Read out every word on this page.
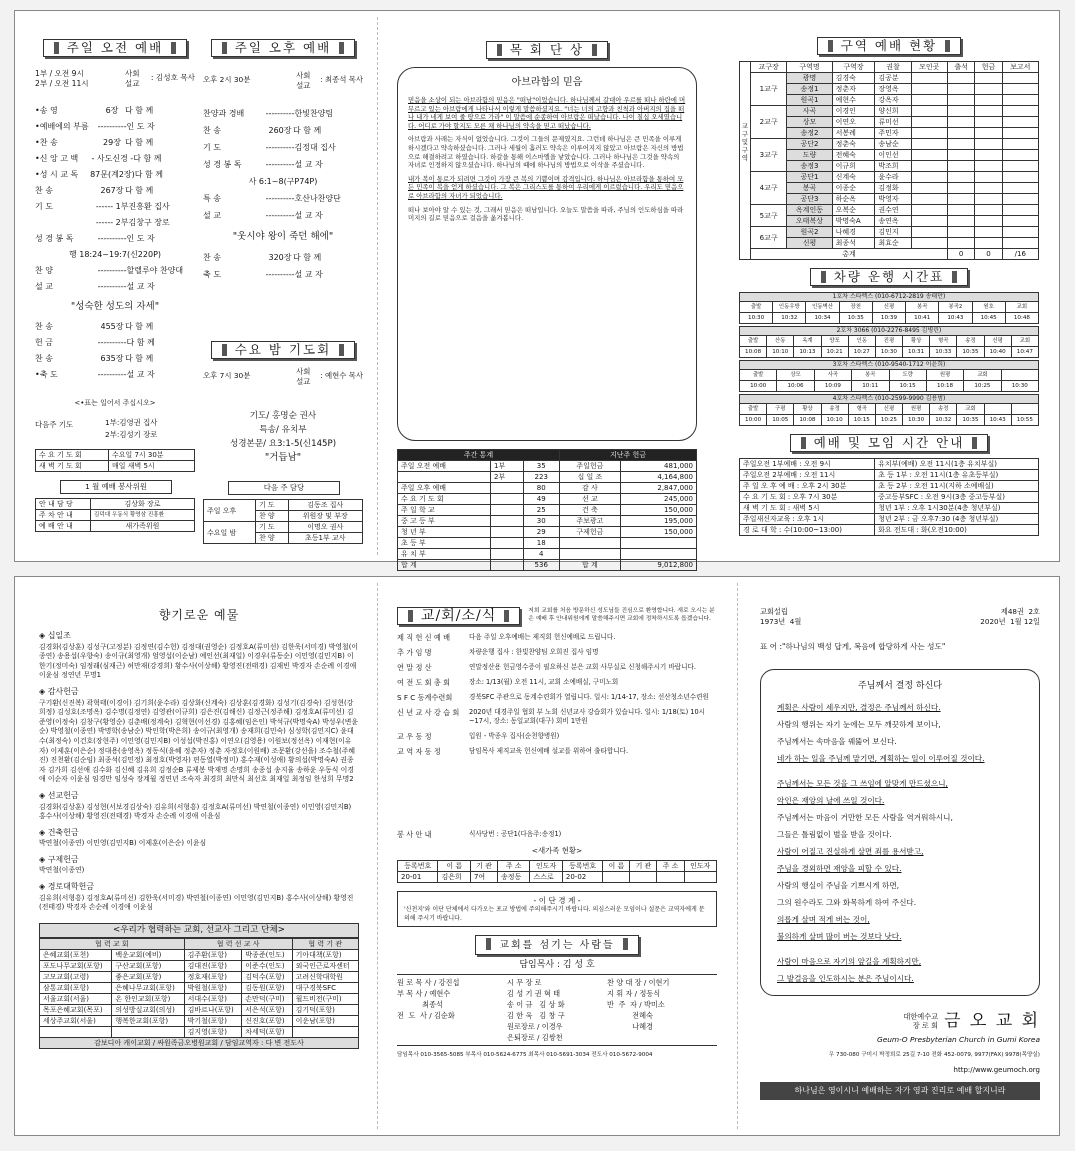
주일 오전 예배
1부 / 오전 9시
2부 / 오전 11시
사회
설교
: 김성호 목사
•송 영	6장 다 함 께
•예배에의 부름	---------- 인 도 자
•찬 송	29장 다 함 께
•신 앙 고 백	- 사도신경 - 다 함 께
•성 시 교 독	87문(계2장) 다 함 께
찬 송	267장 다 함 께
기 도	------ 1부 진흥환 집사
------ 2부 김창구 장로
성 경 봉 독	---------- 인 도 자
행 18:24~19:7(신220P)
찬 양	---------- 할렐루야 찬양대
설 교	---------- 설 교 자
"성숙한 성도의 자세"
찬 송	455장 다 함 께
헌 금	---------- 다 함 께
찬 송	635장 다 함 께
•축 도	---------- 설 교 자
<•표는 일어서 주십시오>
다음주 기도	1부:김영권 집사
2부:김성기 장로
수 요 기 도 회	수요일 7시 30분
새 벽 기 도 회	매일 새벽 5시
1 월 예배 봉사위원
안 내 담 당	김상화 장로
주 차 안 내	김덕대 우동식 황영삼 진흥환
예 배 안 내	새가족위원
주일 오후 예배
오후 2시 30분	사회
설교
: 최종석 목사
찬양과 경배	---------- 한빛찬양팀
찬 송	260장 다 함 께
기 도	---------- 김정대 집사
성 경 봉 독	---------- 설 교 자
사 6:1~8(구P74P)
특 송	---------- 호산나찬양단
설 교	---------- 설 교 자
"웃시야 왕이 죽던 해에"
찬 송	320장 다 함 께
축 도	---------- 설 교 자
수요 밤 기도회
오후 7시 30분	사회
설교
: 예현수 목사
기도/ 홍명순 권사
특송/ 유치부
성경본문/ 요3:1-5(신145P)
"거듭남"
다음 주 담당
주일 오후	기 도	김동조 집사
	찬 양	위원장 및 부장
수요일 밤	기 도	이명오 권사
	찬 양	초등1부 교사
목 회 단 상
아브라함의 믿음

믿음을 소상이 되는 아브라함의 믿음은 "떠남"이었습니다. 하나님께서 갈대아 우르를 떠나 하란에 머무르고 있는 아브람에게 나타나서 이렇게 말씀하셨지요. "너는 너의 고향과 친척과 아버지의 집을 떠나 내가 네게 보여 줄 땅으로 가라" 이 말씀에 순종하여 아브람은 떠났습니다. 나이 칠십 오세였습니다. 어디로 가야 할지도 모른 채 하나님의 약속을 믿고 떠났습니다.

아브람과 사래는 자식이 없었습니다. 그것이 그들의 문제였지요. 그런데 하나님은 큰 민족을 이루게 하시겠다고 약속하셨습니다. 그러나 세월이 흘러도 약속은 이루어지지 않았고 아브람은 자신의 방법으로 해결하려고 하였습니다. 하갈을 통해 이스마엘을 낳았습니다. 그러나 하나님은 그것을 약속의 자녀로 인정하지 않으셨습니다. 하나님의 때에 하나님의 방법으로 이삭을 주셨습니다.

내가 복이 통로가 되려면 그것이 가장 큰 복의 기쁨이며 감격입니다. 하나님은 아브라함을 통하여 모든 민족이 복을 얻게 하셨습니다. 그 복은 그리스도를 통하여 우리에게 이르렀습니다. 우리도 믿음으로 아브라함의 자녀가 되었습니다.

떠나 보아야 알 수 있는 것, 그래서 믿음은 떠남입니다. 오늘도 말씀을 따라, 주님의 인도하심을 따라 미지의 길로 믿음으로 걸음을 옮겨봅니다.

주간 통계			지난주 헌금	
주일 오전 예배	1부	35	주일헌금	481,000
	2부	223	십 일 조	4,164,800
주일 오후 예배		80	감 사	2,847,000
수 요 기 도 회		49	선 교	245,000
주 일 학 교		25	건 축	150,000
중 고 등 부		30	주보광고	195,000
청 년 부		29	구제헌금	150,000
초 등 부		18		
유 치 부		4		
합 계		536	합 계	9,012,800
구역 예배 현황
교구및구역
교구장	구역명	구역장	권찰	모인곳	출석	헌금	보고서
1교구	광명	김경숙	김공분				
	송정1	정춘자	장영옥				
	원곡1	예현수	강옥자				
2교구	사곡	이경인	양신희				
	상모	이연오	류미선				
	송정2	서봉례	주민자				
3교구	공단2	정춘숙	송남순				
	도량	전혜숙	이인선				
	송정3	이규희	박조희				
4교구	공단1	신계숙	윤수라				
	봉곡	이종순	김정화				
	공단3	하순옥	박영자				
5교구	옥계인동	오복순	권수연				
	오태복상	박명숙A	송연옥				
6교구	원곡2	나혜경	김민지				
	신평	최종석	최효순				
총계					0	0	/16
차량 운행 시간표
1호차 스타렉스 (010-6712-2819 송태만)								
출발	인동우방	인동벽산	장천	신평	봉곡	봉곡2	원호	교회
10:30	10:32	10:34	10:35	10:39	10:41	10:43	10:45	10:48
2호차 3066 (010-2276-8495 김병린)										
출발	산동	옥계	양포	인동	진평	황상	형곡	송정	신평	교회
10:08	10:10	10:13	10:21	10:27	10:30	10:31	10:33	10:35	10:40	10:47
3호차 스타렉스 (010-9540-1712 이윤희)							
출발	상모	사곡	봉곡	도량	원평	교회	
10:00	10:06	10:09	10:11	10:15	10:18	10:25	10:30
4호차 스타렉스 (010-2599-9990 김용범)										
출발	구평	황상	송정	형곡	신평	원평	송정	교회		
10:00	10:05	10:08	10:10	10:15	10:25	10:30	10:32	10:35	10:43	10:55
예배 및 모임 시간 안내
주일오전 1부예배 : 오전 9시	유치부(예배) 오전 11시(1층 유치부실)
주일오전 2부예배 : 오전 11시	초 등 1부 : 오전 11시(1층 유초등부실)
주 일 오 후 예 배 : 오후 2시 30분	초 등 2부 : 오전 11시(지하 소예배실)
수 요 기 도 회 : 오후 7시 30분	중고등부SFC : 오전 9시(3층 중고등부실)
새 벽 기 도 회 : 새벽 5시	청년 1부 : 오후 1시30분(4층 청년부실)
주일새신자교육 : 오후 1시	청년 2부 : 금 오후7:30 (4층 청년부실)
경 로 대 학 : 수(10:00~13:00)	화요 전도대 : 화(오전10:00)
향기로운 예물
◈ 십일조
김경화(김상훈) 김성구(고정분) 김정연(김수헌) 김정대(권영순) 김정호A(류미선) 김한욱(서미경) 박영철(이종연) 송용섭(우향숙) 송이규(최영개) 엄영섭(이순남) 예인선(최재일) 이경우(류동순) 이민영(김민지B) 이한기(정미숙) 임정래(심재근) 허만재(강경희) 황수사(이상해) 황영진(전태경) 김재빈 박경자 손순례 이경애 이윤심 정연년 무명1
◈ 감사헌금
구기환(신진복) 곽혁태(이경이) 김기희(윤수라) 김상화(신계숙) 김상훈(김경화) 김성기(김경숙) 김성현(강희정) 김성호(조명옥) 김수명(김정연) 김영관(이규희) 김은진(김해신) 김정근(정주해) 김정호A(류미선) 김준영(이정숙) 김창구(황영순) 김춘배(정계숙) 김혁현(이선경) 김홍혜(임은인) 박석규(박명숙A) 박성우(변윤순) 박영철(이종연) 박명학(송남순) 박인학(박은희) 송이규(최영개) 송재희(김민숙) 심성학(김민지C) 윤대수(최정숙) 이건호(장현주) 이민영(김민지B) 이성섭(박진홍) 이연오(김영용) 이원보(정선옥) 이재현(이유자) 이제훈(이은순) 정대용(송영옥) 정동식(윤혜 정춘자) 정춘 자정호(이원배) 조문환(강선을) 조수철(주혜진) 진천환(김순임) 최종석(김민정) 최정호(박영자) 편동열(박정미) 홍수재(이성애) 황의섭(박명숙A) 권종자 김가희 김선애 김수화 김신혜 김유희 김정순B 류제봉 박재명 손명희 송종섭 송지율 송하윤 우동식 이경애 이순자 이윤심 임경만 임성숙 장계월 정연년 조숙자 최경희 최만식 최선호 최재일 최정임 한성희 무명2
◈ 선교헌금
김경화(김상훈) 김성현(서보경김상숙) 김유희(서형흥) 김정호A(류미선) 박연철(이종연) 이민영(김민지B) 홍수사(이상해) 황영진(전태경) 박경자 손순례 이경애 이윤심
◈ 건축헌금
박연철(이종연) 이민영(김민지B) 이제훈(이은순) 이윤심
◈ 구제헌금
박연철(이종연)
◈ 경로대학헌금
김유희(서형흥) 김정호A(류미선) 김한욱(서미경) 박연철(이종연) 이민영(김민지B) 홍수사(이상해) 황영진(전태경) 박경자 손순례 이경애 이윤심
<우리가 협력하는 교회, 선교사 그리고 단체>
협 력 교 회		협 력 선 교 사		협 력 기 관
은혜교회(포천)	백운교회(예비)	김주환(포항)	박종준(인도)	기아대책(포항)
포도나무교회(포항)	구산교회(포항)	김대진(포항)	이준수(인도)	외국인근로자센터
고모교회(고령)	좋은교회(포항)	정호재(포항)	김덕수(포항)	고려신학대학원
삼통교회(포항)	은혜나무교회(포항)	박원철(포항)	김동원(포항)	대구경북SFC
서울교회(서울)	온 한인교회(포항)	서대수(포항)	손만덕(구미)	월드비전(구미)
목포은혜교회(목포)	의성방실교회(의성)	김바르나(포항)	서은석(포항)	김기덕(포항)
세상주교회(서울)	행복한교회(포항)	박기철(포항)	신진호(포항)	이운남(포항)
		김지영(포항)	차세덕(포항)	
감보디아 캐이교회 / 싸원족금오병원교회 / 담임교역자 : 다 변 전도사				
교/회/소/식	저희 교회를 처음 방문하신 성도님들 진심으로 환영합니다. 새로 오시는 분은 예배 후 안내위원에게 말씀해주시면 교회에 정착하시도록 돕겠습니다.
제 직 헌 신 예 배	다음 주일 오후예배는 제직회 헌신예배로 드립니다.
추 가 임 명	차량운행 집사 : 한빛찬양팀 오희진 집사 임명
연 말 정 산	연말정산용 헌금영수증이 필요하신 분은 교회 사무실로 신청해주시기 바랍니다.
여 전 도 회 총 회	장소: 1/13(월) 오전 11시, 교회 소예배실, 구미노회
S F C 동계수련회	경북SFC 주관으로 동계수련회가 열립니다. 일시: 1/14-17, 장소: 선산청소년수련원
신 년 교 사 강 습 회	2020년 대경주일 협회 부 노회 신년교사 강습회가 있습니다. 일시: 1/18(토) 10시~17시, 장소: 동일교회(대구) 회비 1만원
교 우 동 정	입원 - 박종우 집사(순천향병원)
교 역 자 동 정	담임목사 제직교육 헌신예배 설교를 위하여 출타합니다.
봉 사 안 내	식사당번 : 공단1(다음주:송정1)
<새가족 현황>
등록번호	이 름	기 관	주 소	인도자	등록번호	이 름	기 관	주 소	인도자
20-01	김은희	7여	송정동	스스로	20-02				
- 이 단 경 계 -
'신천지'와 이단 단체에서 다가오는 포교 방법에 주의해주시기 바랍니다. 의심스러운 모임이나 설문은 교역자에게 문의해 주시기 바랍니다.
교회를 섬기는 사람들
담임목사 : 김 성 호
원 로 목 사 / 강진섭	시 무 장 로	찬 양 대 장 / 이현기
부 목 사 / 예현수	김 성 기 권 혁 태	지 휘 자 / 정동식
최종석	송 이 규   김 상 화	반  주  자 / 박미소
전  도  사 / 김순화	김 한 욱   김 창 구	전혜숙
원로장로 / 이경우	나혜경
은퇴장로 / 김쌍천
담임목사 010-3565-5085 부목사 010-5624-6775 최목사 010-5691-3034 전도사 010-5672-9004
교회설립
1973년  4월
제48권  2호
2020년  1월 12일
표 어 :"하나님의 백성 답게, 복음에 합당하게 사는 성도"
주님께서 결정 하신다

계획은 사람이 세우지만, 결정은 주님께서 하신다.

사람의 행위는 자기 눈에는 모두 깨끗하게 보이나,

주님께서는 속마음을 꿰뚫어 보신다.

네가 하는 일을 주님께 맡기면, 계획하는 일이 이루어질 것이다.

주님께서는 모든 것을 그 쓰임에 알맞게 만드셨으니,

악인은 재앙의 날에 쓰일 것이다.

주님께서는 마음이 거만한 모든 사람을 역겨워하시니,

그들은 틀림없이 벌을 받을 것이다.

사람이 어질고 진실하게 살면 죄를 용서받고,

주님을 경외하면 재앙을 피할 수 있다.

사람의 행실이 주님을 기쁘시게 하면,

그의 원수라도 그와 화목하게 하여 주신다.

의롭게 살며 적게 버는 것이,

불의하게 살며 많이 버는 것보다 낫다.

사람이 마음으로 자기의 앞길을 계획하지만,

그 발걸음을 인도하시는 분은 주님이시다.

대한예수교
장 로 회 금 오 교 회
Geum-O Presbyterian Church in Gumi Korea
우 730-080 구미시 박정희로 25길 7-10 전화 452-0079, 9977(FAX) 9978(목양실)
http://www.geumoch.org
하나님은 영이시니 예배하는 자가 영과 진리로 예배 할지니라
